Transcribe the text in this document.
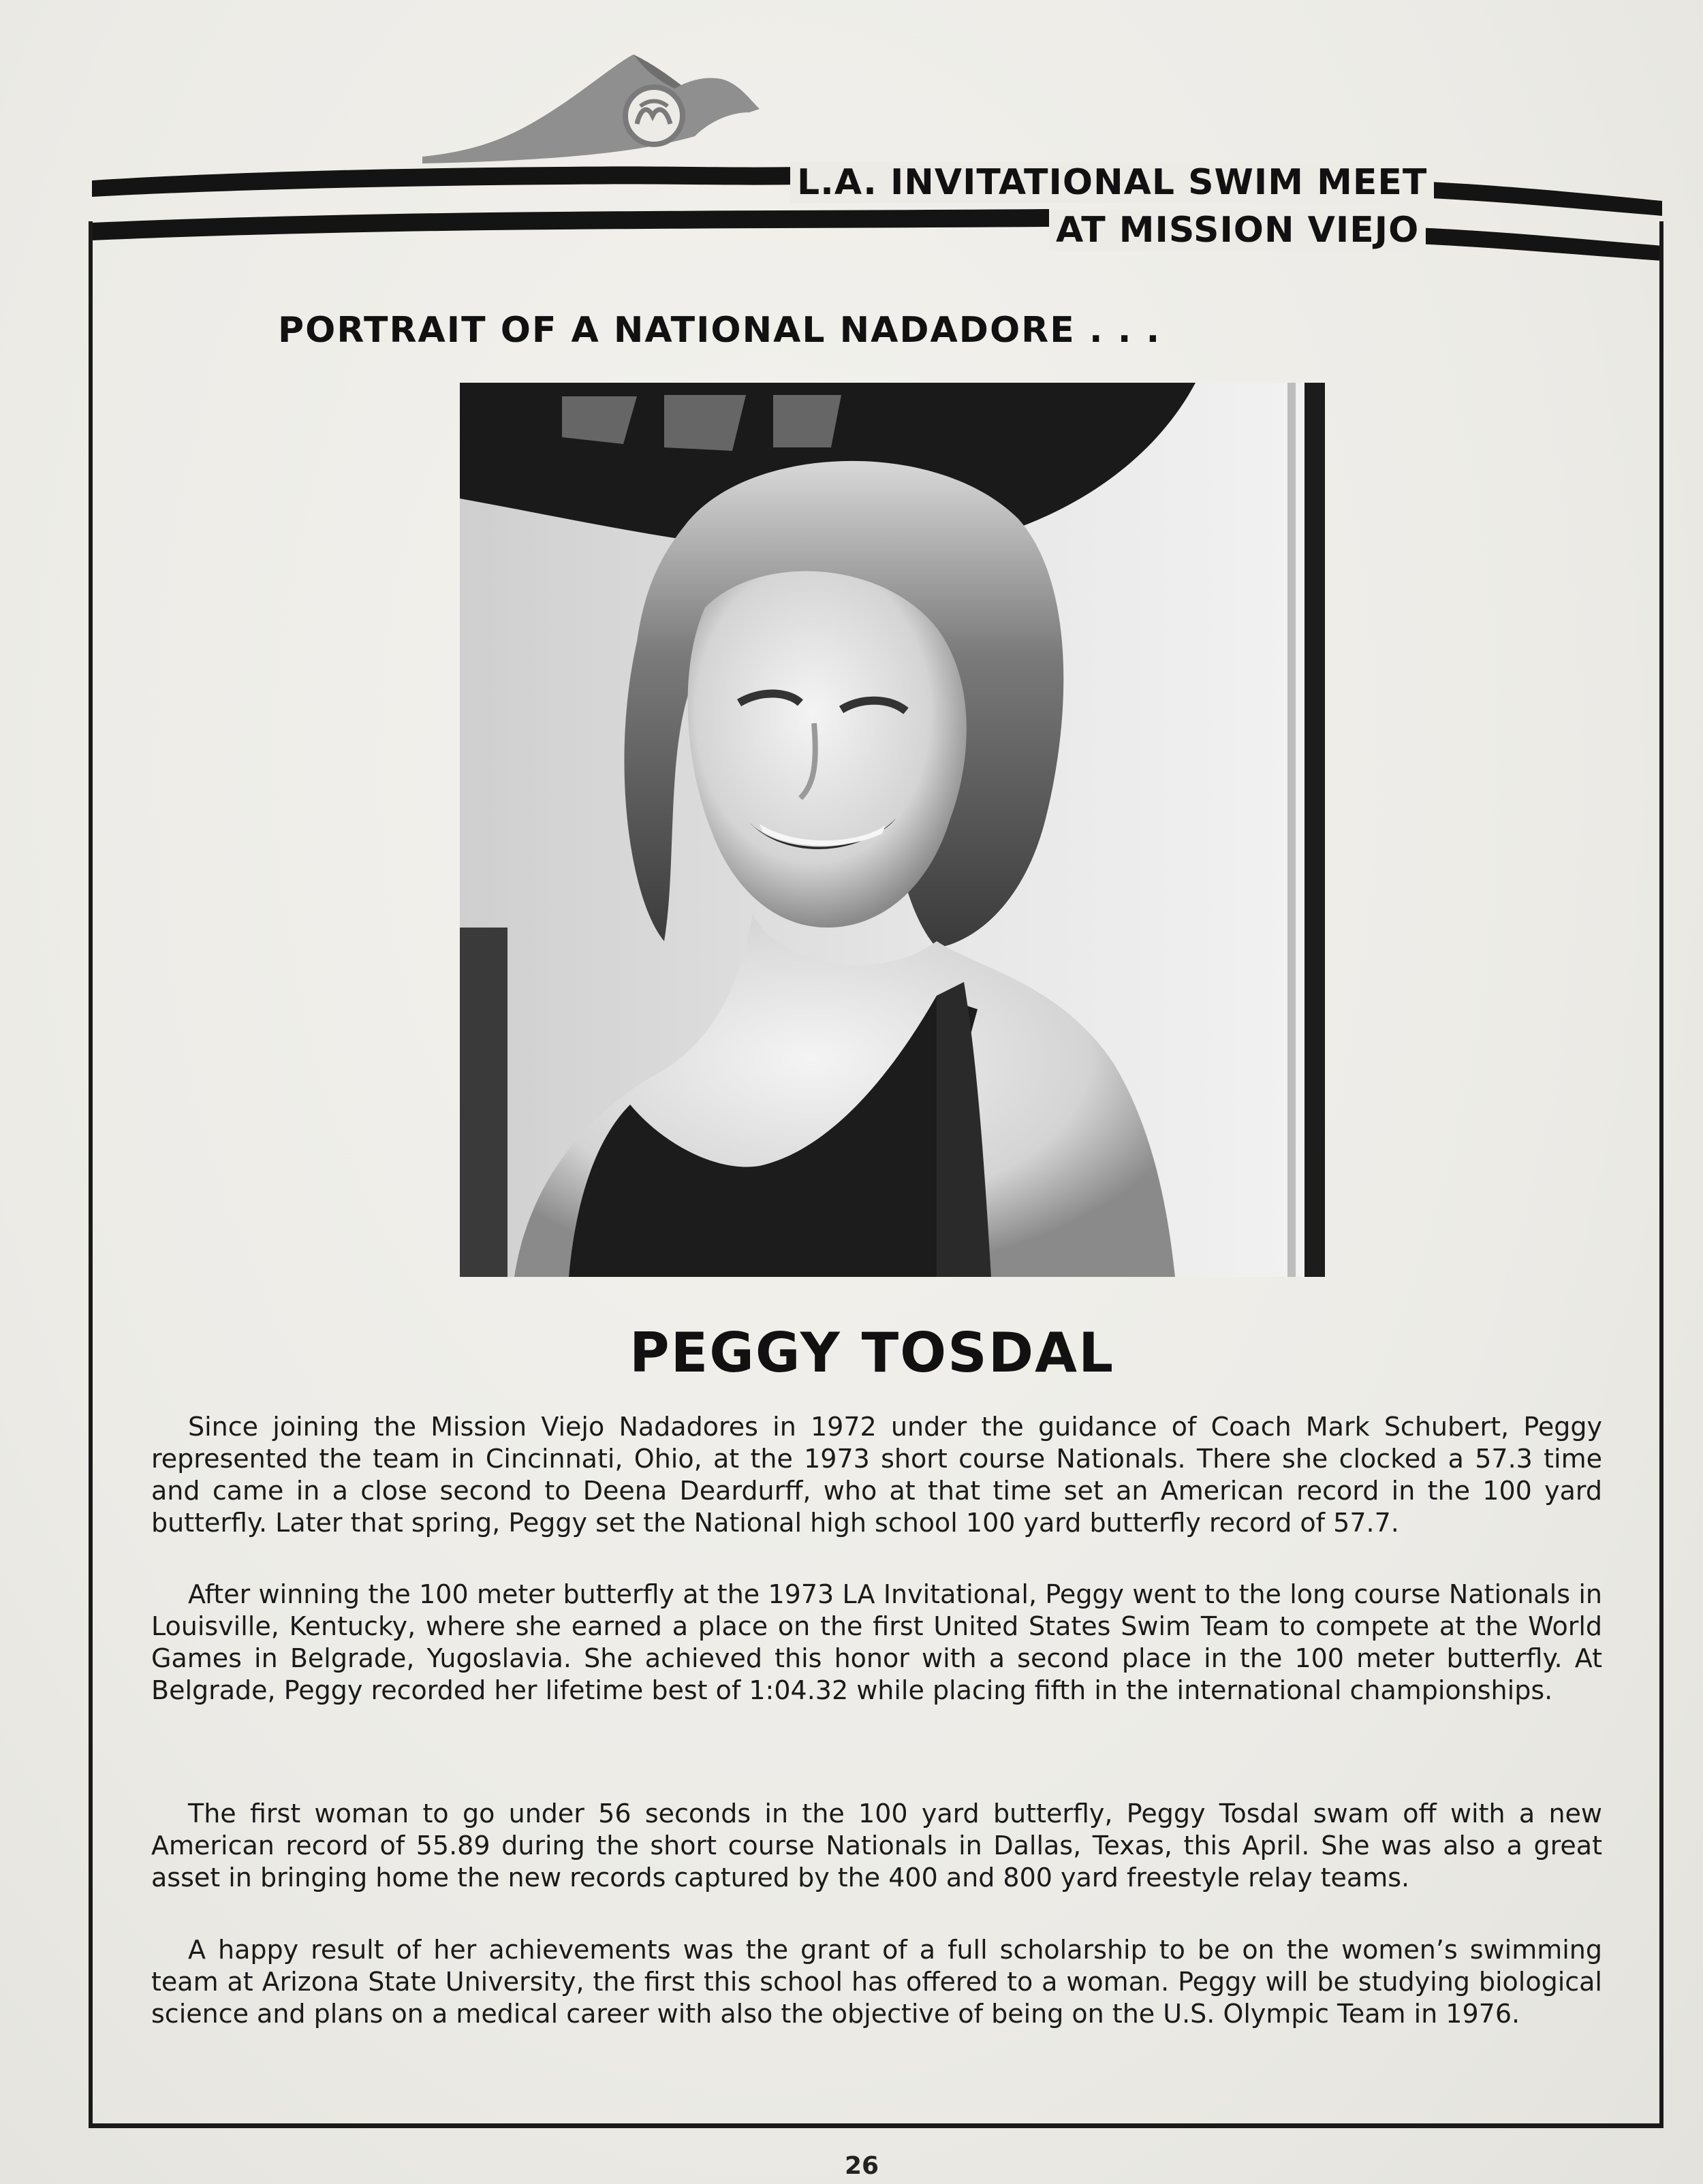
L.A. INVITATIONAL SWIM MEET
AT MISSION VIEJO
PORTRAIT OF A NATIONAL NADADORE . . .
PEGGY TOSDAL

Since joining the Mission Viejo Nadadores in 1972 under the guidance of Coach Mark Schubert, Peggy represented the team in Cincinnati, Ohio, at the 1973 short course Nationals. There she clocked a 57.3 time and came in a close second to Deena Deardurff, who at that time set an American record in the 100 yard butterfly. Later that spring, Peggy set the National high school 100 yard butterfly record of 57.7.

After winning the 100 meter butterfly at the 1973 LA Invitational, Peggy went to the long course Nationals in Louisville, Kentucky, where she earned a place on the first United States Swim Team to compete at the World Games in Belgrade, Yugoslavia. She achieved this honor with a second place in the 100 meter butterfly. At Belgrade, Peggy recorded her lifetime best of 1:04.32 while placing fifth in the international championships.

The first woman to go under 56 seconds in the 100 yard butterfly, Peggy Tosdal swam off with a new American record of 55.89 during the short course Nationals in Dallas, Texas, this April. She was also a great asset in bringing home the new records captured by the 400 and 800 yard freestyle relay teams.

A happy result of her achievements was the grant of a full scholarship to be on the women’s swimming team at Arizona State University, the first this school has offered to a woman. Peggy will be studying biological science and plans on a medical career with also the objective of being on the U.S. Olympic Team in 1976.

26
